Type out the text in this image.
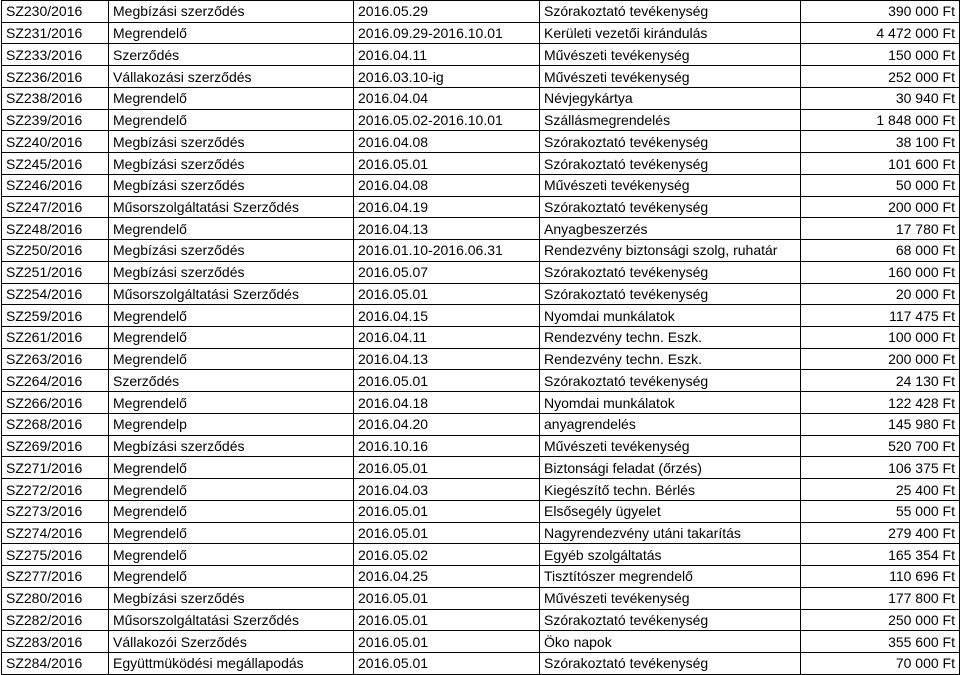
SZ230/2016	Megbízási szerződés	2016.05.29	Szórakoztató tevékenység	390 000 Ft
SZ231/2016	Megrendelő	2016.09.29-2016.10.01	Kerületi vezetői kirándulás	4 472 000 Ft
SZ233/2016	Szerződés	2016.04.11	Művészeti tevékenység	150 000 Ft
SZ236/2016	Vállakozási szerződés	2016.03.10-ig	Művészeti tevékenység	252 000 Ft
SZ238/2016	Megrendelő	2016.04.04	Névjegykártya	30 940 Ft
SZ239/2016	Megrendelő	2016.05.02-2016.10.01	Szállásmegrendelés	1 848 000 Ft
SZ240/2016	Megbízási szerződés	2016.04.08	Szórakoztató tevékenység	38 100 Ft
SZ245/2016	Megbízási szerződés	2016.05.01	Szórakoztató tevékenység	101 600 Ft
SZ246/2016	Megbízási szerződés	2016.04.08	Művészeti tevékenység	50 000 Ft
SZ247/2016	Műsorszolgáltatási Szerződés	2016.04.19	Szórakoztató tevékenység	200 000 Ft
SZ248/2016	Megrendelő	2016.04.13	Anyagbeszerzés	17 780 Ft
SZ250/2016	Megbízási szerződés	2016.01.10-2016.06.31	Rendezvény biztonsági szolg, ruhatár	68 000 Ft
SZ251/2016	Megbízási szerződés	2016.05.07	Szórakoztató tevékenység	160 000 Ft
SZ254/2016	Műsorszolgáltatási Szerződés	2016.05.01	Szórakoztató tevékenység	20 000 Ft
SZ259/2016	Megrendelő	2016.04.15	Nyomdai munkálatok	117 475 Ft
SZ261/2016	Megrendelő	2016.04.11	Rendezvény techn. Eszk.	100 000 Ft
SZ263/2016	Megrendelő	2016.04.13	Rendezvény techn. Eszk.	200 000 Ft
SZ264/2016	Szerződés	2016.05.01	Szórakoztató tevékenység	24 130 Ft
SZ266/2016	Megrendelő	2016.04.18	Nyomdai munkálatok	122 428 Ft
SZ268/2016	Megrendelp	2016.04.20	anyagrendelés	145 980 Ft
SZ269/2016	Megbízási szerződés	2016.10.16	Művészeti tevékenység	520 700 Ft
SZ271/2016	Megrendelő	2016.05.01	Biztonsági feladat (őrzés)	106 375 Ft
SZ272/2016	Megrendelő	2016.04.03	Kiegészítő techn. Bérlés	25 400 Ft
SZ273/2016	Megrendelő	2016.05.01	Elsősegély ügyelet	55 000 Ft
SZ274/2016	Megrendelő	2016.05.01	Nagyrendezvény utáni takarítás	279 400 Ft
SZ275/2016	Megrendelő	2016.05.02	Egyéb szolgáltatás	165 354 Ft
SZ277/2016	Megrendelő	2016.04.25	Tisztítószer megrendelő	110 696 Ft
SZ280/2016	Megbízási szerződés	2016.05.01	Művészeti tevékenység	177 800 Ft
SZ282/2016	Műsorszolgáltatási Szerződés	2016.05.01	Szórakoztató tevékenység	250 000 Ft
SZ283/2016	Vállakozói Szerződés	2016.05.01	Öko napok	355 600 Ft
SZ284/2016	Együttmüködési megállapodás	2016.05.01	Szórakoztató tevékenység	70 000 Ft
